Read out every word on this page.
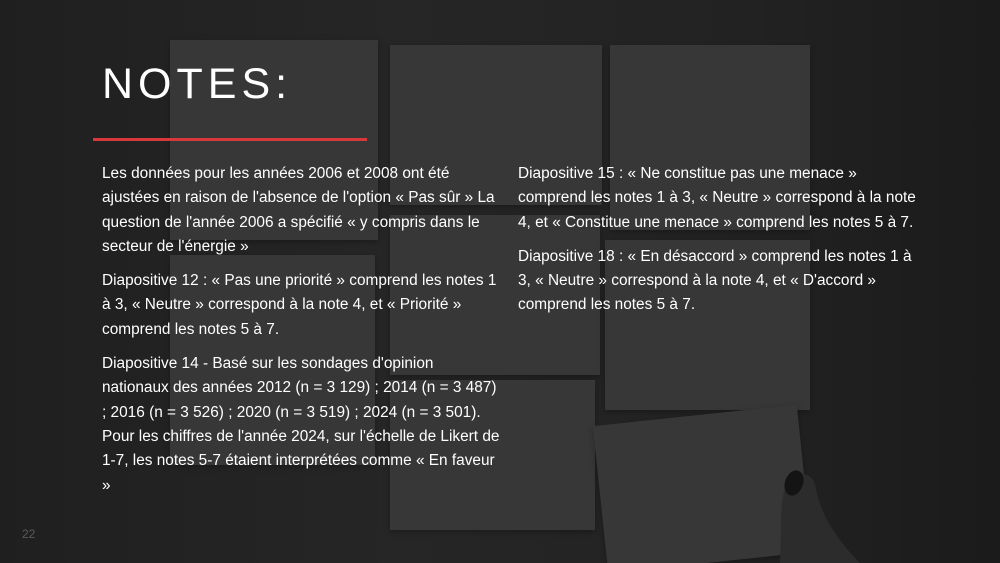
NOTES:

Les données pour les années 2006 et 2008 ont été ajustées en raison de l'absence de l'option « Pas sûr » La question de l'année 2006 a spécifié « y compris dans le secteur de l'énergie »

Diapositive 12 : « Pas une priorité » comprend les notes 1 à 3, « Neutre » correspond à la note 4, et « Priorité » comprend les notes 5 à 7.

Diapositive 14 - Basé sur les sondages d'opinion nationaux des années 2012 (n = 3 129) ; 2014 (n = 3 487) ; 2016 (n = 3 526) ; 2020 (n = 3 519) ; 2024 (n = 3 501). Pour les chiffres de l'année 2024, sur l'échelle de Likert de 1-7, les notes 5-7 étaient interprétées comme « En faveur »

Diapositive 15 : « Ne constitue pas une menace » comprend les notes 1 à 3, « Neutre » correspond à la note 4, et « Constitue une menace » comprend les notes 5 à 7.

Diapositive 18 : « En désaccord » comprend les notes 1 à 3, « Neutre » correspond à la note 4, et « D'accord » comprend les notes 5 à 7.

22
